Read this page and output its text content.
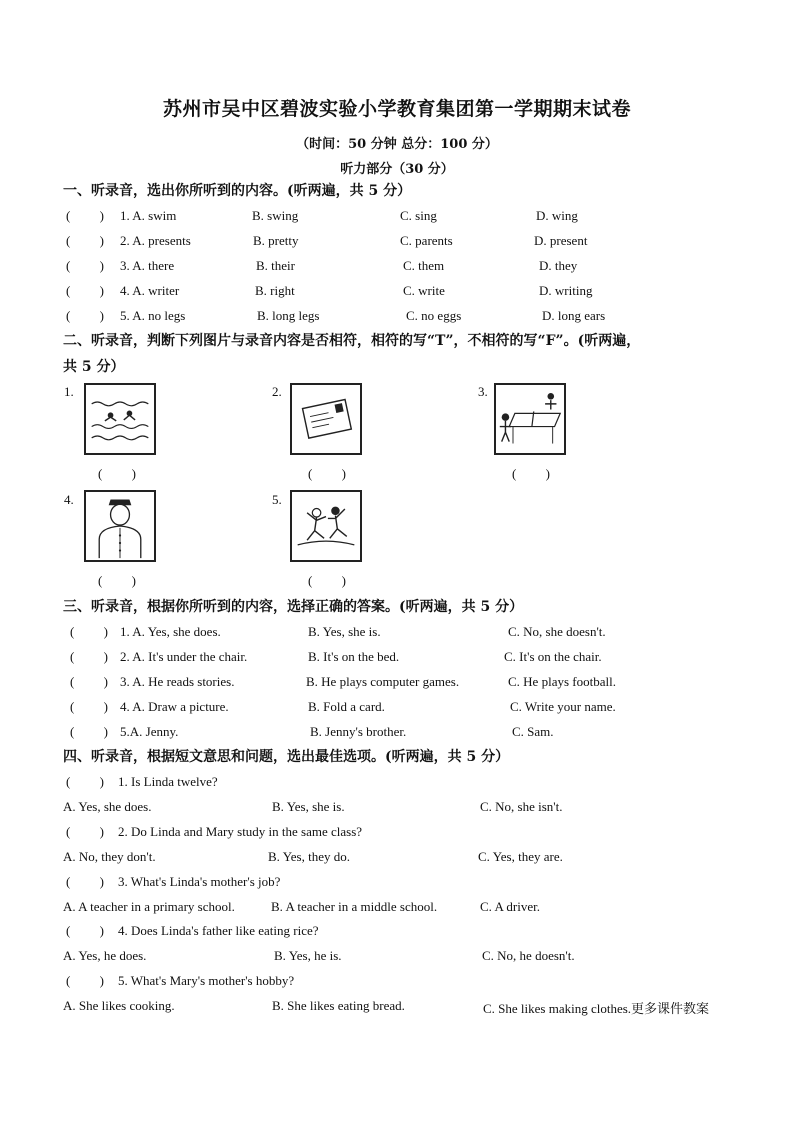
苏州市吴中区碧波实验小学教育集团第一学期期末试卷
（时间：50 分钟 总分：100 分）
听力部分（30 分）
一、听录音，选出你所听到的内容。(听两遍，共 5 分）
(         ) 1. A. swim	B. swing	C. sing	D. wing
(         ) 2. A. presents	B. pretty	C. parents	D. present
(         ) 3. A. there	B. their	C. them	D. they
(         ) 4. A. writer	B. right	C. write	D. writing
(         ) 5. A. no legs	B. long legs	C. no eggs	D. long ears
二、听录音，判断下列图片与录音内容是否相符，相符的写“T”，不相符的写“F”。(听两遍，
共 5 分）
1.
(         )
2.
(         )
3.
(         )
4.
(         )
5.
(         )
三、听录音，根据你所听到的内容，选择正确的答案。(听两遍，共 5 分）
(         ) 1. A. Yes, she does.	B. Yes, she is.	C. No, she doesn't.
(         ) 2. A. It's under the chair.	B. It's on the bed.	C. It's on the chair.
(         ) 3. A. He reads stories.	B. He plays computer games.	C. He plays football.
(         ) 4. A. Draw a picture.	B. Fold a card.	C. Write your name.
(         ) 5.A. Jenny.	B. Jenny's brother.	C. Sam.
四、听录音，根据短文意思和问题，选出最佳选项。(听两遍，共 5 分）
(         ) 1. Is Linda twelve?
A. Yes, she does.	B. Yes, she is.	C. No, she isn't.
(         ) 2. Do Linda and Mary study in the same class?
A. No, they don't.	B. Yes, they do.	C. Yes, they are.
(         ) 3. What's Linda's mother's job?
A. A teacher in a primary school.	B. A teacher in a middle school.	C. A driver.
(         ) 4. Does Linda's father like eating rice?
A. Yes, he does.	B. Yes, he is.	C. No, he doesn't.
(         ) 5. What's Mary's mother's hobby?
A. She likes cooking.	B. She likes eating bread.	C. She likes making clothes.更多课件教案
